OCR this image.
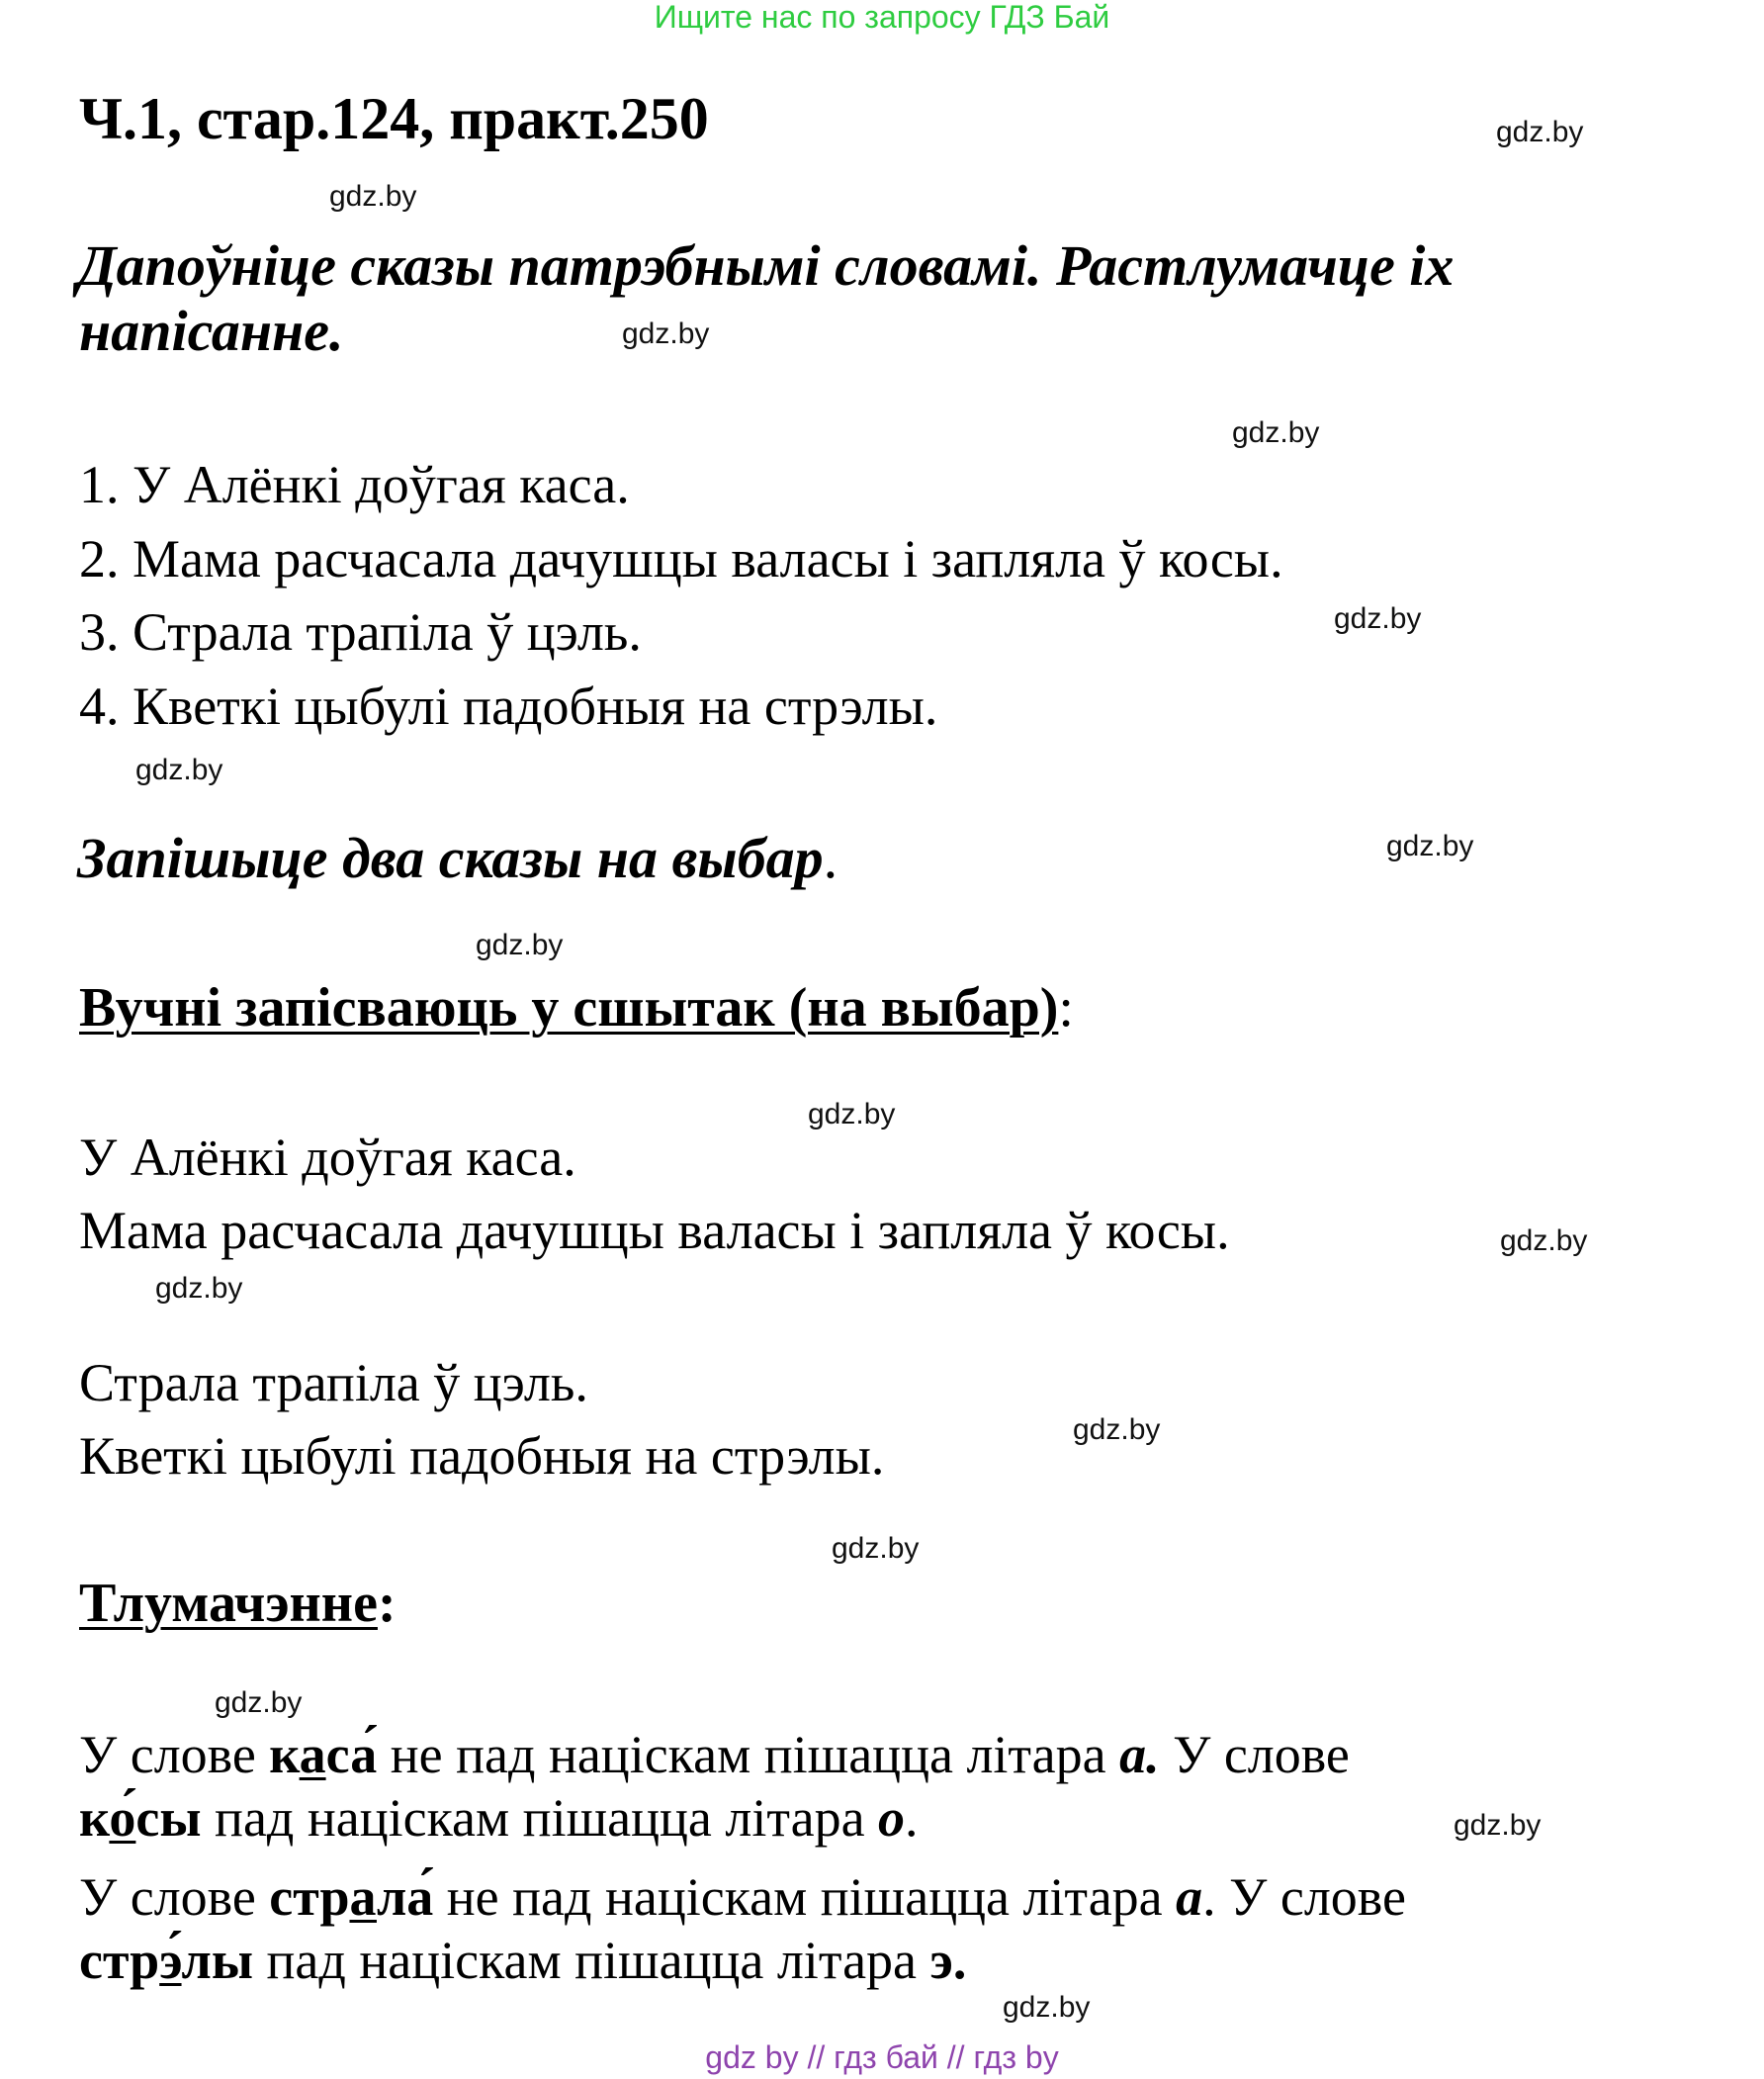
Ищите нас по запросу ГДЗ Бай
Ч.1, стар.124, практ.250
Дапоўніце сказы патрэбнымі словамі. Растлумачце іх
напісанне.
1. У Алёнкі доўгая каса.
2. Мама расчасала дачушцы валасы і запляла ў косы.
3. Страла трапіла ў цэль.
4. Кветкі цыбулі падобныя на стрэлы.
Запішыце два сказы на выбар.
Вучні запісваюць у сшытак (на выбар):
У Алёнкі доўгая каса.
Мама расчасала дачушцы валасы і запляла ў косы.
Страла трапіла ў цэль.
Кветкі цыбулі падобныя на стрэлы.
Тлумачэнне:
У слове каса́ не пад націскам пішацца літара а. У слове
ко́сы пад націскам пішацца літара о.
У слове страла́ не пад націскам пішацца літара а. У слове
стрэ́лы пад націскам пішацца літара э.
gdz.by
gdz.by
gdz.by
gdz.by
gdz.by
gdz.by
gdz.by
gdz.by
gdz.by
gdz.by
gdz.by
gdz.by
gdz.by
gdz.by
gdz.by
gdz.by
gdz by // гдз бай // гдз by
